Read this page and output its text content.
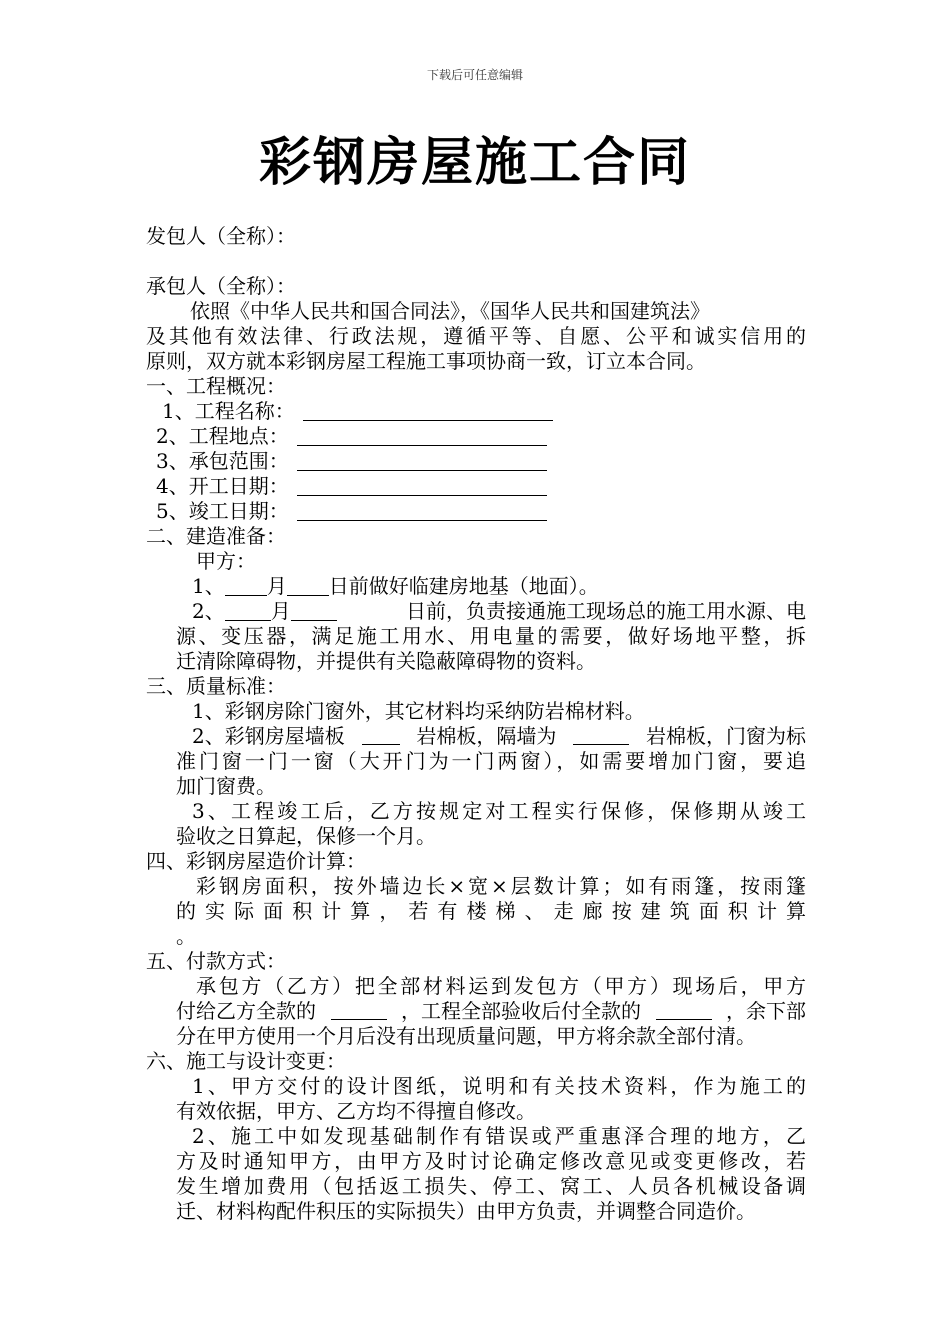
下载后可任意编辑
彩钢房屋施工合同
发包人（全称）：
承包人（全称）：
依照《中华人民共和国合同法》，《国华人民共和国建筑法》
及其他有效法律、行政法规，遵循平等、自愿、公平和诚实信用的
原则，双方就本彩钢房屋工程施工事项协商一致，订立本合同。
一、工程概况：
1、工程名称：
2、工程地点：
3、承包范围：
4、开工日期：
5、竣工日期：
二、建造准备：
甲方：
1、 月 日前做好临建房地基（地面）。
2、 月	日前，负责接通施工现场总的施工用水源、电
源、变压器，满足施工用水、用电量的需要，做好场地平整，拆
迁清除障碍物，并提供有关隐蔽障碍物的资料。
三、质量标准：
1、彩钢房除门窗外，其它材料均采纳防岩棉材料。
2、彩钢房屋墙板	岩棉板，隔墙为	岩棉板，门窗为标
准门窗一门一窗（大开门为一门两窗），如需要增加门窗，要追
加门窗费。
3、工程竣工后，乙方按规定对工程实行保修，保修期从竣工
验收之日算起，保修一个月。
四、彩钢房屋造价计算：
彩钢房面积，按外墙边长×宽×层数计算；如有雨篷，按雨篷
的实际面积计算，若有楼梯、走廊按建筑面积计算
。
五、付款方式：
承包方（乙方）把全部材料运到发包方（甲方）现场后，甲方
付给乙方全款的	，工程全部验收后付全款的	，余下部
分在甲方使用一个月后没有出现质量问题，甲方将余款全部付清。
六、施工与设计变更：
1、甲方交付的设计图纸，说明和有关技术资料，作为施工的
有效依据，甲方、乙方均不得擅自修改。
2、施工中如发现基础制作有错误或严重惠泽合理的地方，乙
方及时通知甲方，由甲方及时讨论确定修改意见或变更修改，若
发生增加费用（包括返工损失、停工、窝工、人员各机械设备调
迁、材料构配件积压的实际损失）由甲方负责，并调整合同造价。
